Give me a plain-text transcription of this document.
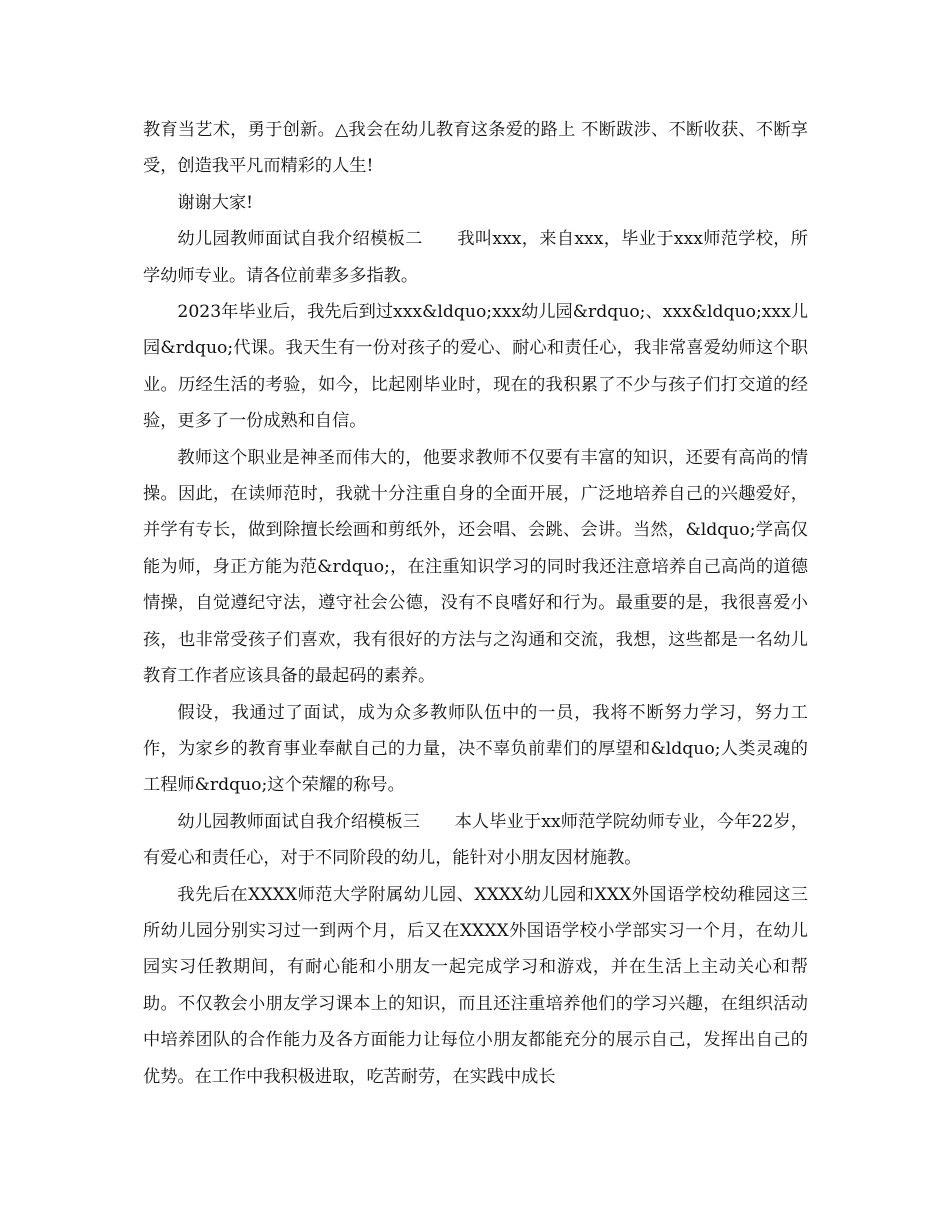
教育当艺术，勇于创新。△我会在幼儿教育这条爱的路上 不断跋涉、不断收获、不断享受，创造我平凡而精彩的人生!

谢谢大家!

幼儿园教师面试自我介绍模板二 我叫xxx，来自xxx，毕业于xxx师范学校，所学幼师专业。请各位前辈多多指教。

2023年毕业后，我先后到过xxx&ldquo;xxx幼儿园&rdquo;、xxx&ldquo;xxx儿园&rdquo;代课。我天生有一份对孩子的爱心、耐心和责任心，我非常喜爱幼师这个职业。历经生活的考验，如今，比起刚毕业时，现在的我积累了不少与孩子们打交道的经验，更多了一份成熟和自信。

教师这个职业是神圣而伟大的，他要求教师不仅要有丰富的知识，还要有高尚的情操。因此，在读师范时，我就十分注重自身的全面开展，广泛地培养自己的兴趣爱好，并学有专长，做到除擅长绘画和剪纸外，还会唱、会跳、会讲。当然，&ldquo;学高仅能为师，身正方能为范&rdquo;，在注重知识学习的同时我还注意培养自己高尚的道德情操，自觉遵纪守法，遵守社会公德，没有不良嗜好和行为。最重要的是，我很喜爱小孩，也非常受孩子们喜欢，我有很好的方法与之沟通和交流，我想，这些都是一名幼儿教育工作者应该具备的最起码的素养。

假设，我通过了面试，成为众多教师队伍中的一员，我将不断努力学习，努力工作，为家乡的教育事业奉献自己的力量，决不辜负前辈们的厚望和&ldquo;人类灵魂的工程师&rdquo;这个荣耀的称号。

幼儿园教师面试自我介绍模板三 本人毕业于xx师范学院幼师专业，今年22岁，有爱心和责任心，对于不同阶段的幼儿，能针对小朋友因材施教。

我先后在XXXX师范大学附属幼儿园、XXXX幼儿园和XXX外国语学校幼稚园这三所幼儿园分别实习过一到两个月，后又在XXXX外国语学校小学部实习一个月，在幼儿园实习任教期间，有耐心能和小朋友一起完成学习和游戏，并在生活上主动关心和帮助。不仅教会小朋友学习课本上的知识，而且还注重培养他们的学习兴趣，在组织活动中培养团队的合作能力及各方面能力让每位小朋友都能充分的展示自己，发挥出自己的优势。在工作中我积极进取，吃苦耐劳，在实践中成长
